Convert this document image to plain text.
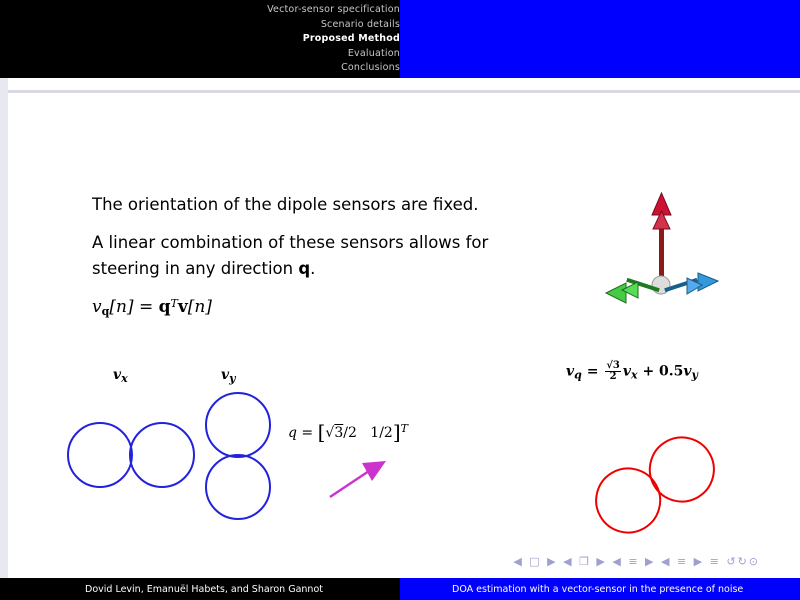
Vector-sensor specification
Scenario details
Proposed Method
Evaluation
Conclusions
The orientation of the dipole sensors are fixed.
A linear combination of these sensors allows for
steering in any direction q.
$v_q[n] = q^Tv[n]$
$v_x$	$v_y$
q = [√3/2 1/2]$^T$
$v_q = \frac{√3}{2} v_x + 0.5v_y$
◀ □ ▶ ◀ ❐ ▶ ◀ ≡ ▶ ◀ ≡ ▶ ≡ ↺↻⊙
Dovid Levin, Emanuël Habets, and Sharon Gannot	DOA estimation with a vector-sensor in the presence of noise
